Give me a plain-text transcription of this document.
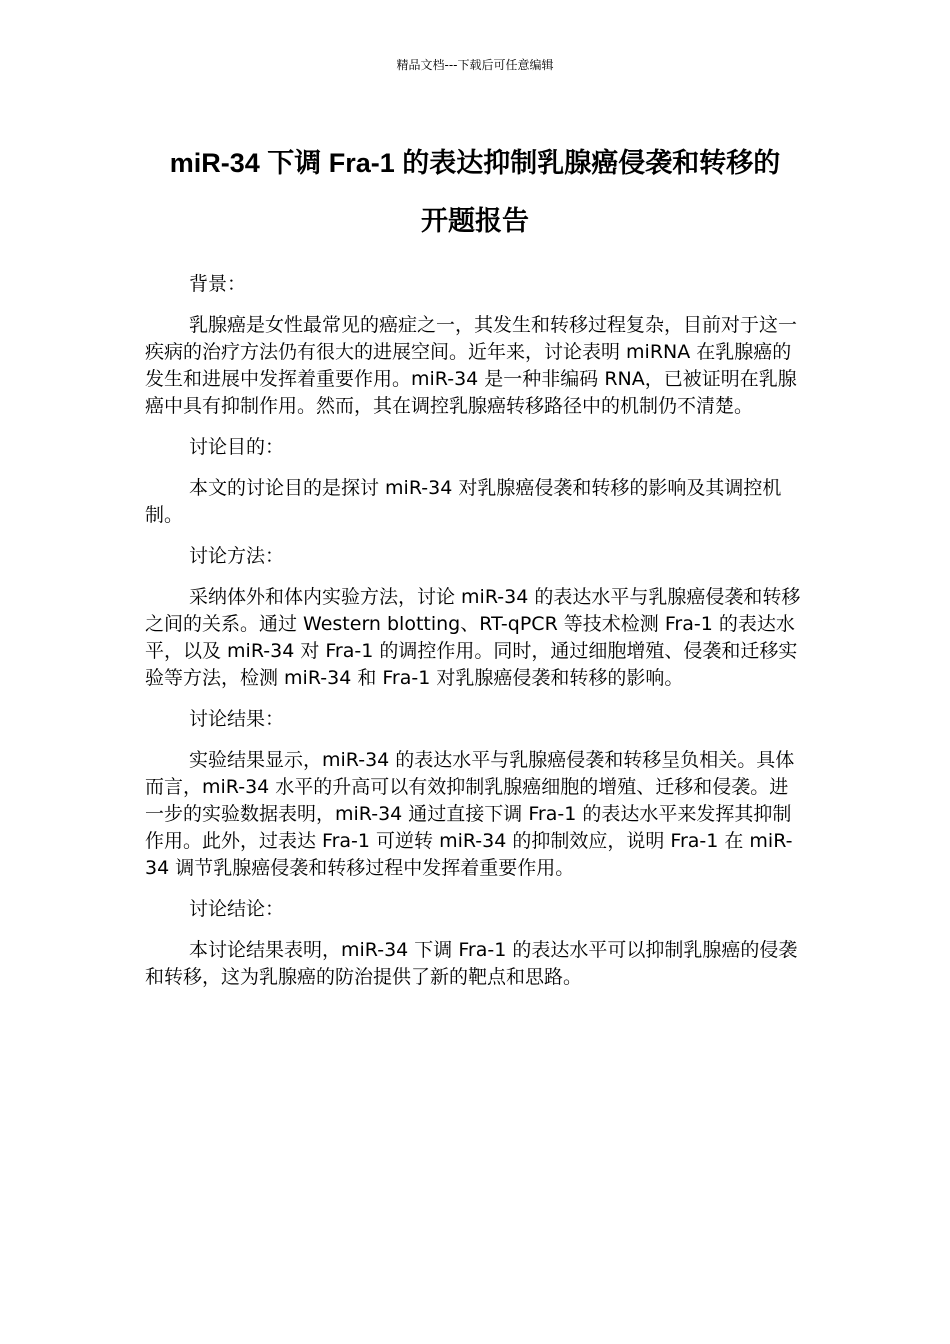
精品文档---下载后可任意编辑
miR-34 下调 Fra-1 的表达抑制乳腺癌侵袭和转移的
开题报告

背景：

乳腺癌是女性最常见的癌症之一，其发生和转移过程复杂，目前对于这一疾病的治疗方法仍有很大的进展空间。近年来，讨论表明 miRNA 在乳腺癌的发生和进展中发挥着重要作用。miR-34 是一种非编码 RNA，已被证明在乳腺癌中具有抑制作用。然而，其在调控乳腺癌转移路径中的机制仍不清楚。

讨论目的：

本文的讨论目的是探讨 miR-34 对乳腺癌侵袭和转移的影响及其调控机制。

讨论方法：

采纳体外和体内实验方法，讨论 miR-34 的表达水平与乳腺癌侵袭和转移之间的关系。通过 Western blotting、RT-qPCR 等技术检测 Fra-1 的表达水平，以及 miR-34 对 Fra-1 的调控作用。同时，通过细胞增殖、侵袭和迁移实验等方法，检测 miR-34 和 Fra-1 对乳腺癌侵袭和转移的影响。

讨论结果：

实验结果显示，miR-34 的表达水平与乳腺癌侵袭和转移呈负相关。具体而言，miR-34 水平的升高可以有效抑制乳腺癌细胞的增殖、迁移和侵袭。进一步的实验数据表明，miR-34 通过直接下调 Fra-1 的表达水平来发挥其抑制作用。此外，过表达 Fra-1 可逆转 miR-34 的抑制效应，说明 Fra-1 在 miR-34 调节乳腺癌侵袭和转移过程中发挥着重要作用。

讨论结论：

本讨论结果表明，miR-34 下调 Fra-1 的表达水平可以抑制乳腺癌的侵袭和转移，这为乳腺癌的防治提供了新的靶点和思路。
